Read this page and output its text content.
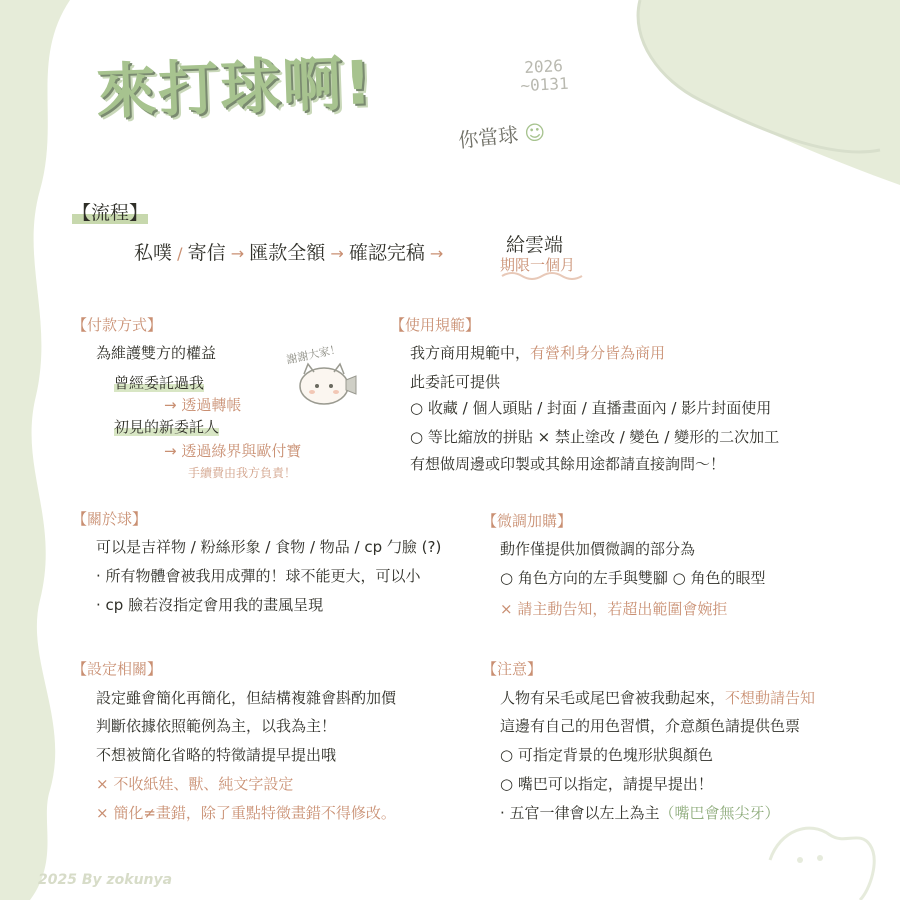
來打球啊!	2026
~0131
你當球 ☺
【流程】
私噗 / 寄信 → 匯款全額 → 確認完稿 →	給雲端
期限一個月
【付款方式】
為維護雙方的權益
曾經委託過我
→ 透過轉帳
初見的新委託人
→ 透過綠界與歐付寶
手續費由我方負責！
謝謝大家！
【使用規範】
我方商用規範中，有營利身分皆為商用
此委託可提供
○ 收藏 / 個人頭貼 / 封面 / 直播畫面內 / 影片封面使用
○ 等比縮放的拼貼 × 禁止塗改 / 變色 / 變形的二次加工
有想做周邊或印製或其餘用途都請直接詢問～！
【關於球】
可以是吉祥物 / 粉絲形象 / 食物 / 物品 / cp 勹臉 (?)
· 所有物體會被我用成彈的！球不能更大，可以小
· cp 臉若沒指定會用我的畫風呈現
【微調加購】
動作僅提供加價微調的部分為
○ 角色方向的左手與雙腳 ○ 角色的眼型
× 請主動告知，若超出範圍會婉拒
【設定相關】
設定雖會簡化再簡化，但結構複雜會斟酌加價
判斷依據依照範例為主，以我為主！
不想被簡化省略的特徵請提早提出哦
× 不收紙娃、獸、純文字設定
× 簡化≠畫錯，除了重點特徵畫錯不得修改。
【注意】
人物有呆毛或尾巴會被我動起來，不想動請告知
這邊有自己的用色習慣，介意顏色請提供色票
○ 可指定背景的色塊形狀與顏色
○ 嘴巴可以指定，請提早提出！
· 五官一律會以左上為主（嘴巴會無尖牙）
2025 By zokunya
